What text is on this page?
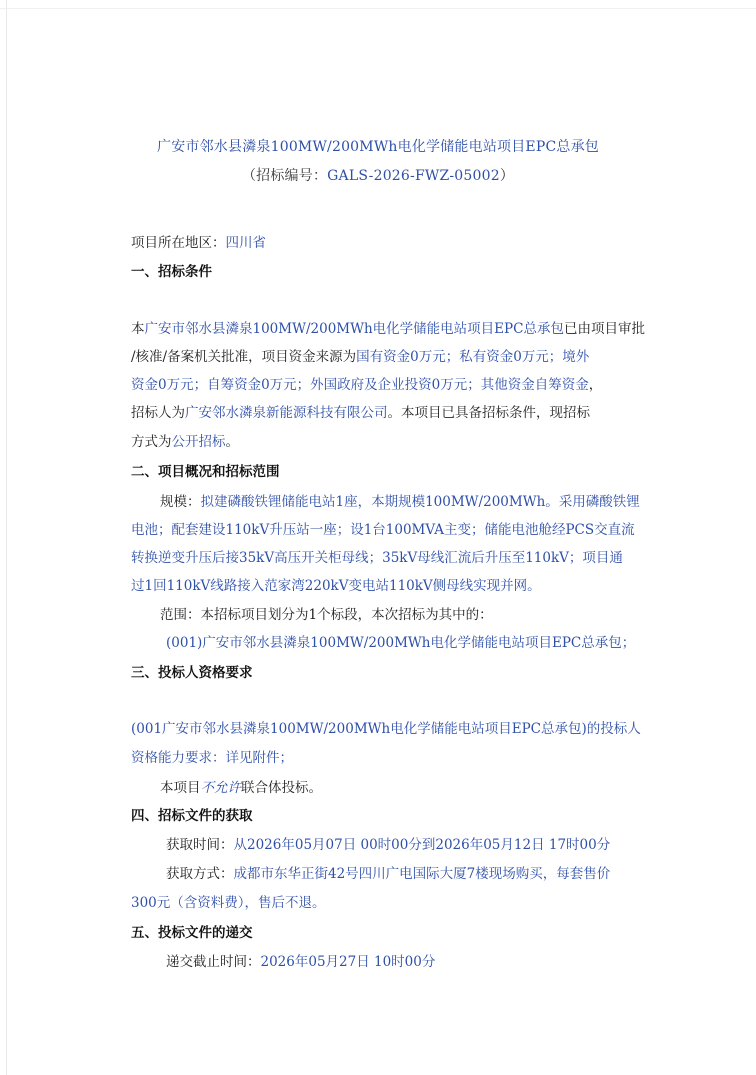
广安市邻水县潾泉100MW/200MWh电化学储能电站项目EPC总承包
（招标编号：GALS-2026-FWZ-05002）
项目所在地区：四川省
一、招标条件
本广安市邻水县潾泉100MW/200MWh电化学储能电站项目EPC总承包已由项目审批
/核准/备案机关批准，项目资金来源为国有资金0万元；私有资金0万元；境外
资金0万元；自筹资金0万元；外国政府及企业投资0万元；其他资金自筹资金，
招标人为广安邻水潾泉新能源科技有限公司。本项目已具备招标条件，现招标
方式为公开招标。
二、项目概况和招标范围
规模：拟建磷酸铁锂储能电站1座，本期规模100MW/200MWh。采用磷酸铁锂
电池；配套建设110kV升压站一座；设1台100MVA主变；储能电池舱经PCS交直流
转换逆变升压后接35kV高压开关柜母线；35kV母线汇流后升压至110kV；项目通
过1回110kV线路接入范家湾220kV变电站110kV侧母线实现并网。
范围：本招标项目划分为1个标段，本次招标为其中的：
(001)广安市邻水县潾泉100MW/200MWh电化学储能电站项目EPC总承包；
三、投标人资格要求
(001广安市邻水县潾泉100MW/200MWh电化学储能电站项目EPC总承包)的投标人
资格能力要求：详见附件；
本项目不允许联合体投标。
四、招标文件的获取
获取时间：从2026年05月07日 00时00分到2026年05月12日 17时00分
获取方式：成都市东华正街42号四川广电国际大厦7楼现场购买，每套售价
300元（含资料费），售后不退。
五、投标文件的递交
递交截止时间：2026年05月27日 10时00分
